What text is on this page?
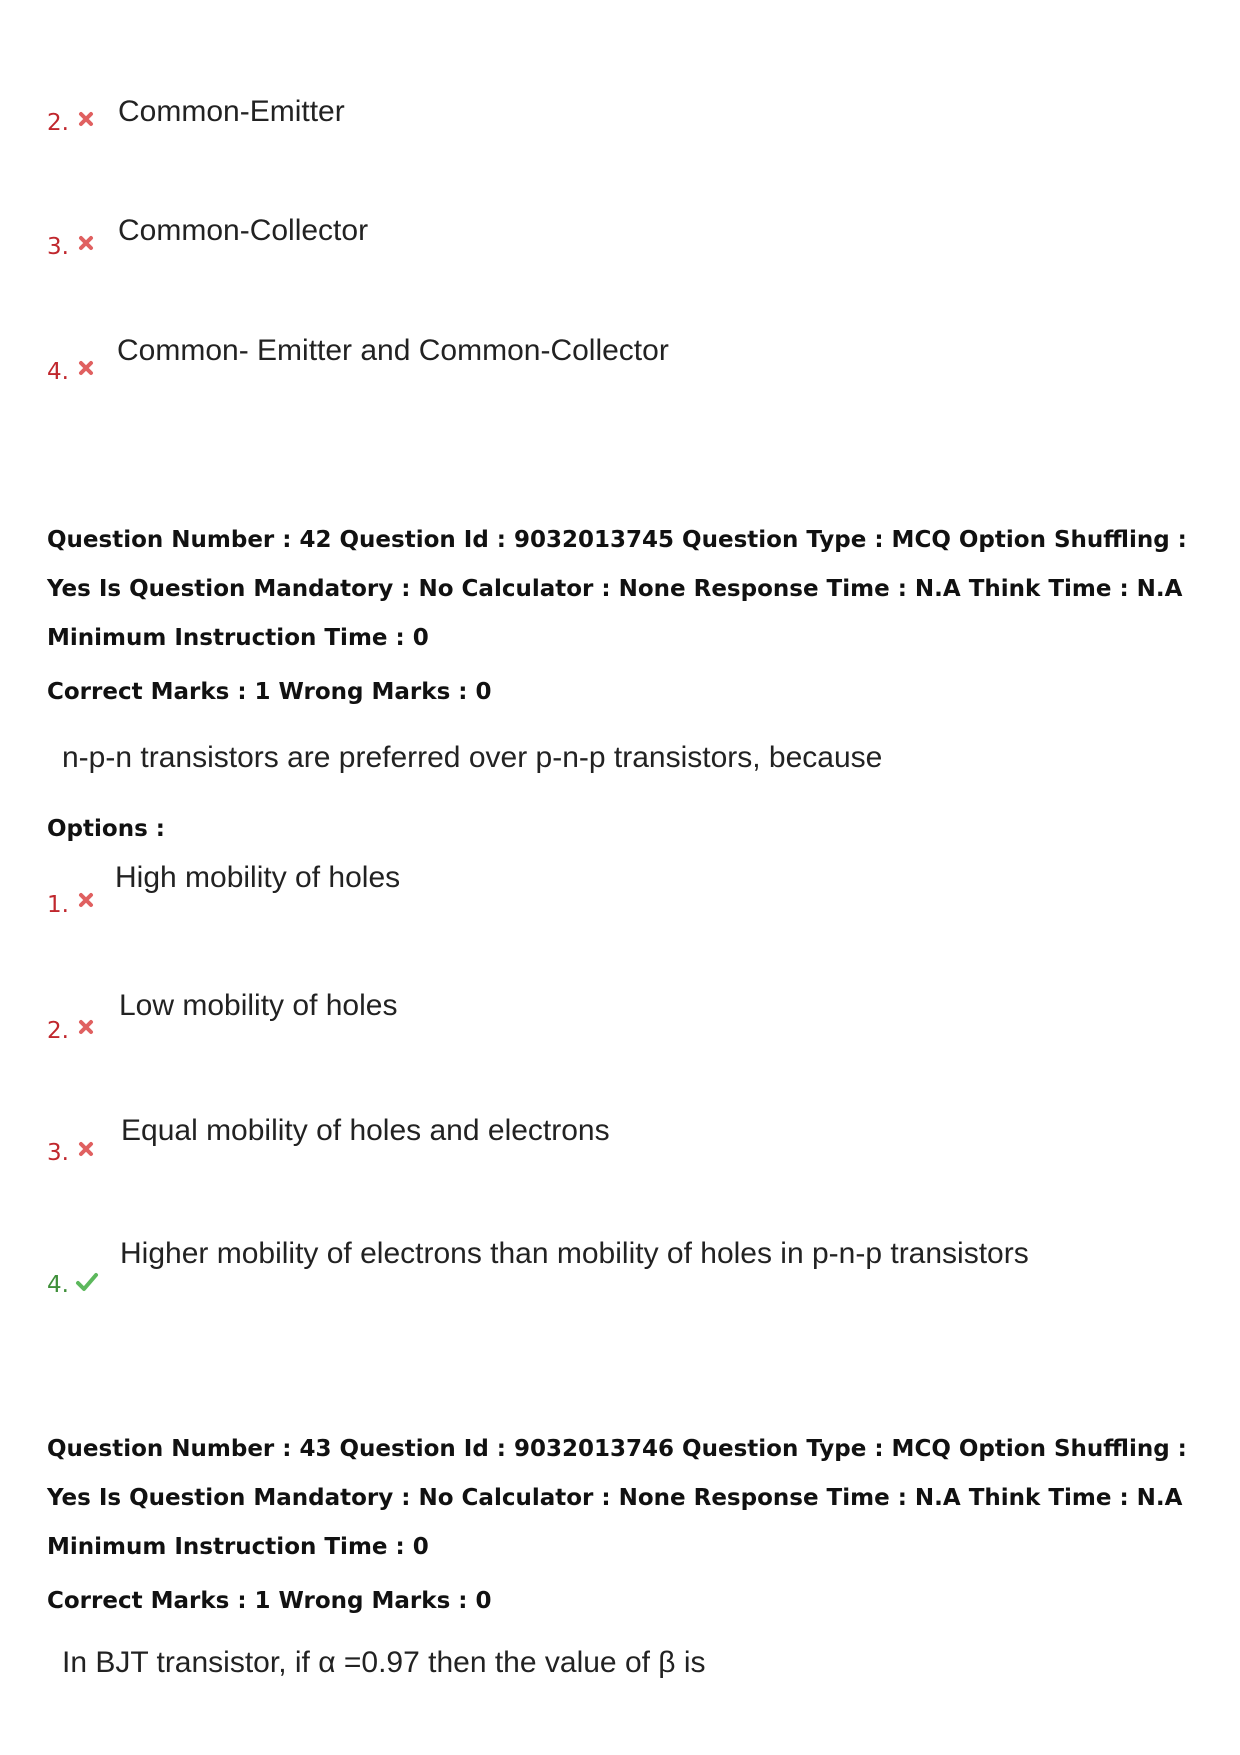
2. Common-Emitter
3. Common-Collector
4.
Common- Emitter and Common-Collector
Question Number : 42 Question Id : 9032013745 Question Type : MCQ Option Shuffling : Yes Is Question Mandatory : No Calculator : None Response Time : N.A Think Time : N.A Minimum Instruction Time : 0
Correct Marks : 1 Wrong Marks : 0
n-p-n transistors are preferred over p-n-p transistors, because
Options :
1.
High mobility of holes
2.
Low mobility of holes
3.
Equal mobility of holes and electrons
4.
Higher mobility of electrons than mobility of holes in p-n-p transistors
Question Number : 43 Question Id : 9032013746 Question Type : MCQ Option Shuffling : Yes Is Question Mandatory : No Calculator : None Response Time : N.A Think Time : N.A Minimum Instruction Time : 0
Correct Marks : 1 Wrong Marks : 0
In BJT transistor, if α =0.97 then the value of β is
